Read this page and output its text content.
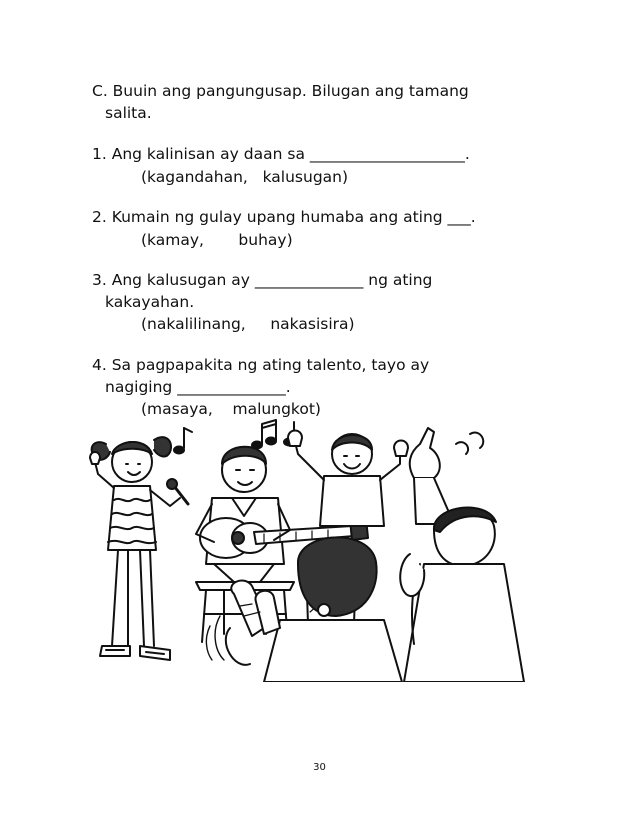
C. Buuin ang pangungusap. Bilugan ang tamang
salita.
1. Ang kalinisan ay daan sa ____________________.
(kagandahan,   kalusugan)
2. Kumain ng gulay upang humaba ang ating ___.
(kamay,       buhay)
3. Ang kalusugan ay ______________ ng ating
kakayahan.
(nakalilinang,     nakasisira)
4. Sa pagpapakita ng ating talento, tayo ay
nagiging ______________.
(masaya,    malungkot)
30
